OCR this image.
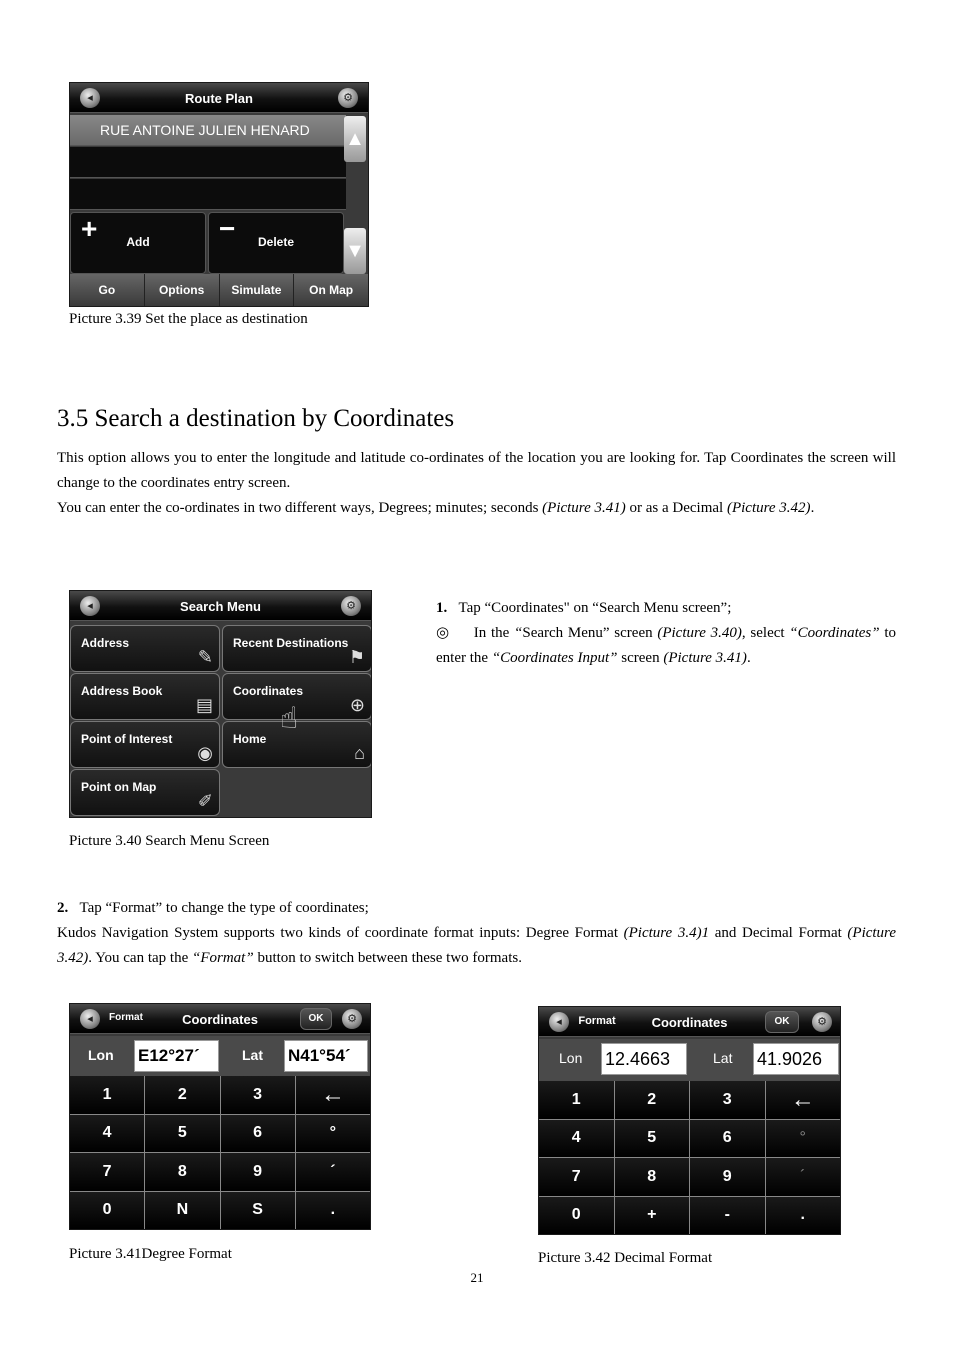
◂	Route Plan	⚙
RUE ANTOINE JULIEN HENARD ▲
▼
+	Add	−	Delete
Go	Options	Simulate	On Map
Picture 3.39 Set the place as destination
3.5 Search a destination by Coordinates
This option allows you to enter the longitude and latitude co-ordinates of the location you are looking for. Tap Coordinates the screen will change to the coordinates entry screen.
You can enter the co-ordinates in two different ways, Degrees; minutes; seconds (Picture 3.41) or as a Decimal (Picture 3.42).
◂	Search Menu	⚙
Address
✎
Recent Destinations
⚑
Address Book
▤
Coordinates
⊕
Point of Interest
◉
Home
⌂
Point on Map
✐
☝
Picture 3.40 Search Menu Screen
1. Tap “Coordinates" on “Search Menu screen”;
◎ In the “Search Menu” screen (Picture 3.40), select “Coordinates” to enter the “Coordinates Input” screen (Picture 3.41).
2. Tap “Format” to change the type of coordinates;
Kudos Navigation System supports two kinds of coordinate format inputs: Degree Format (Picture 3.4)1 and Decimal Format (Picture 3.42). You can tap the “Format” button to switch between these two formats.
◂	Format	Coordinates	OK	⚙
Lon E12°27´	Lat N41°54´
1	2	3	←
4	5	6	°
7	8	9	´
0	N	S	.
Picture 3.41Degree Format
◂	Format	Coordinates	OK	⚙
Lon 12.4663	Lat 41.9026
1	2	3	←
4	5	6	°
7	8	9	´
0	+	-	.
Picture 3.42 Decimal Format
21
